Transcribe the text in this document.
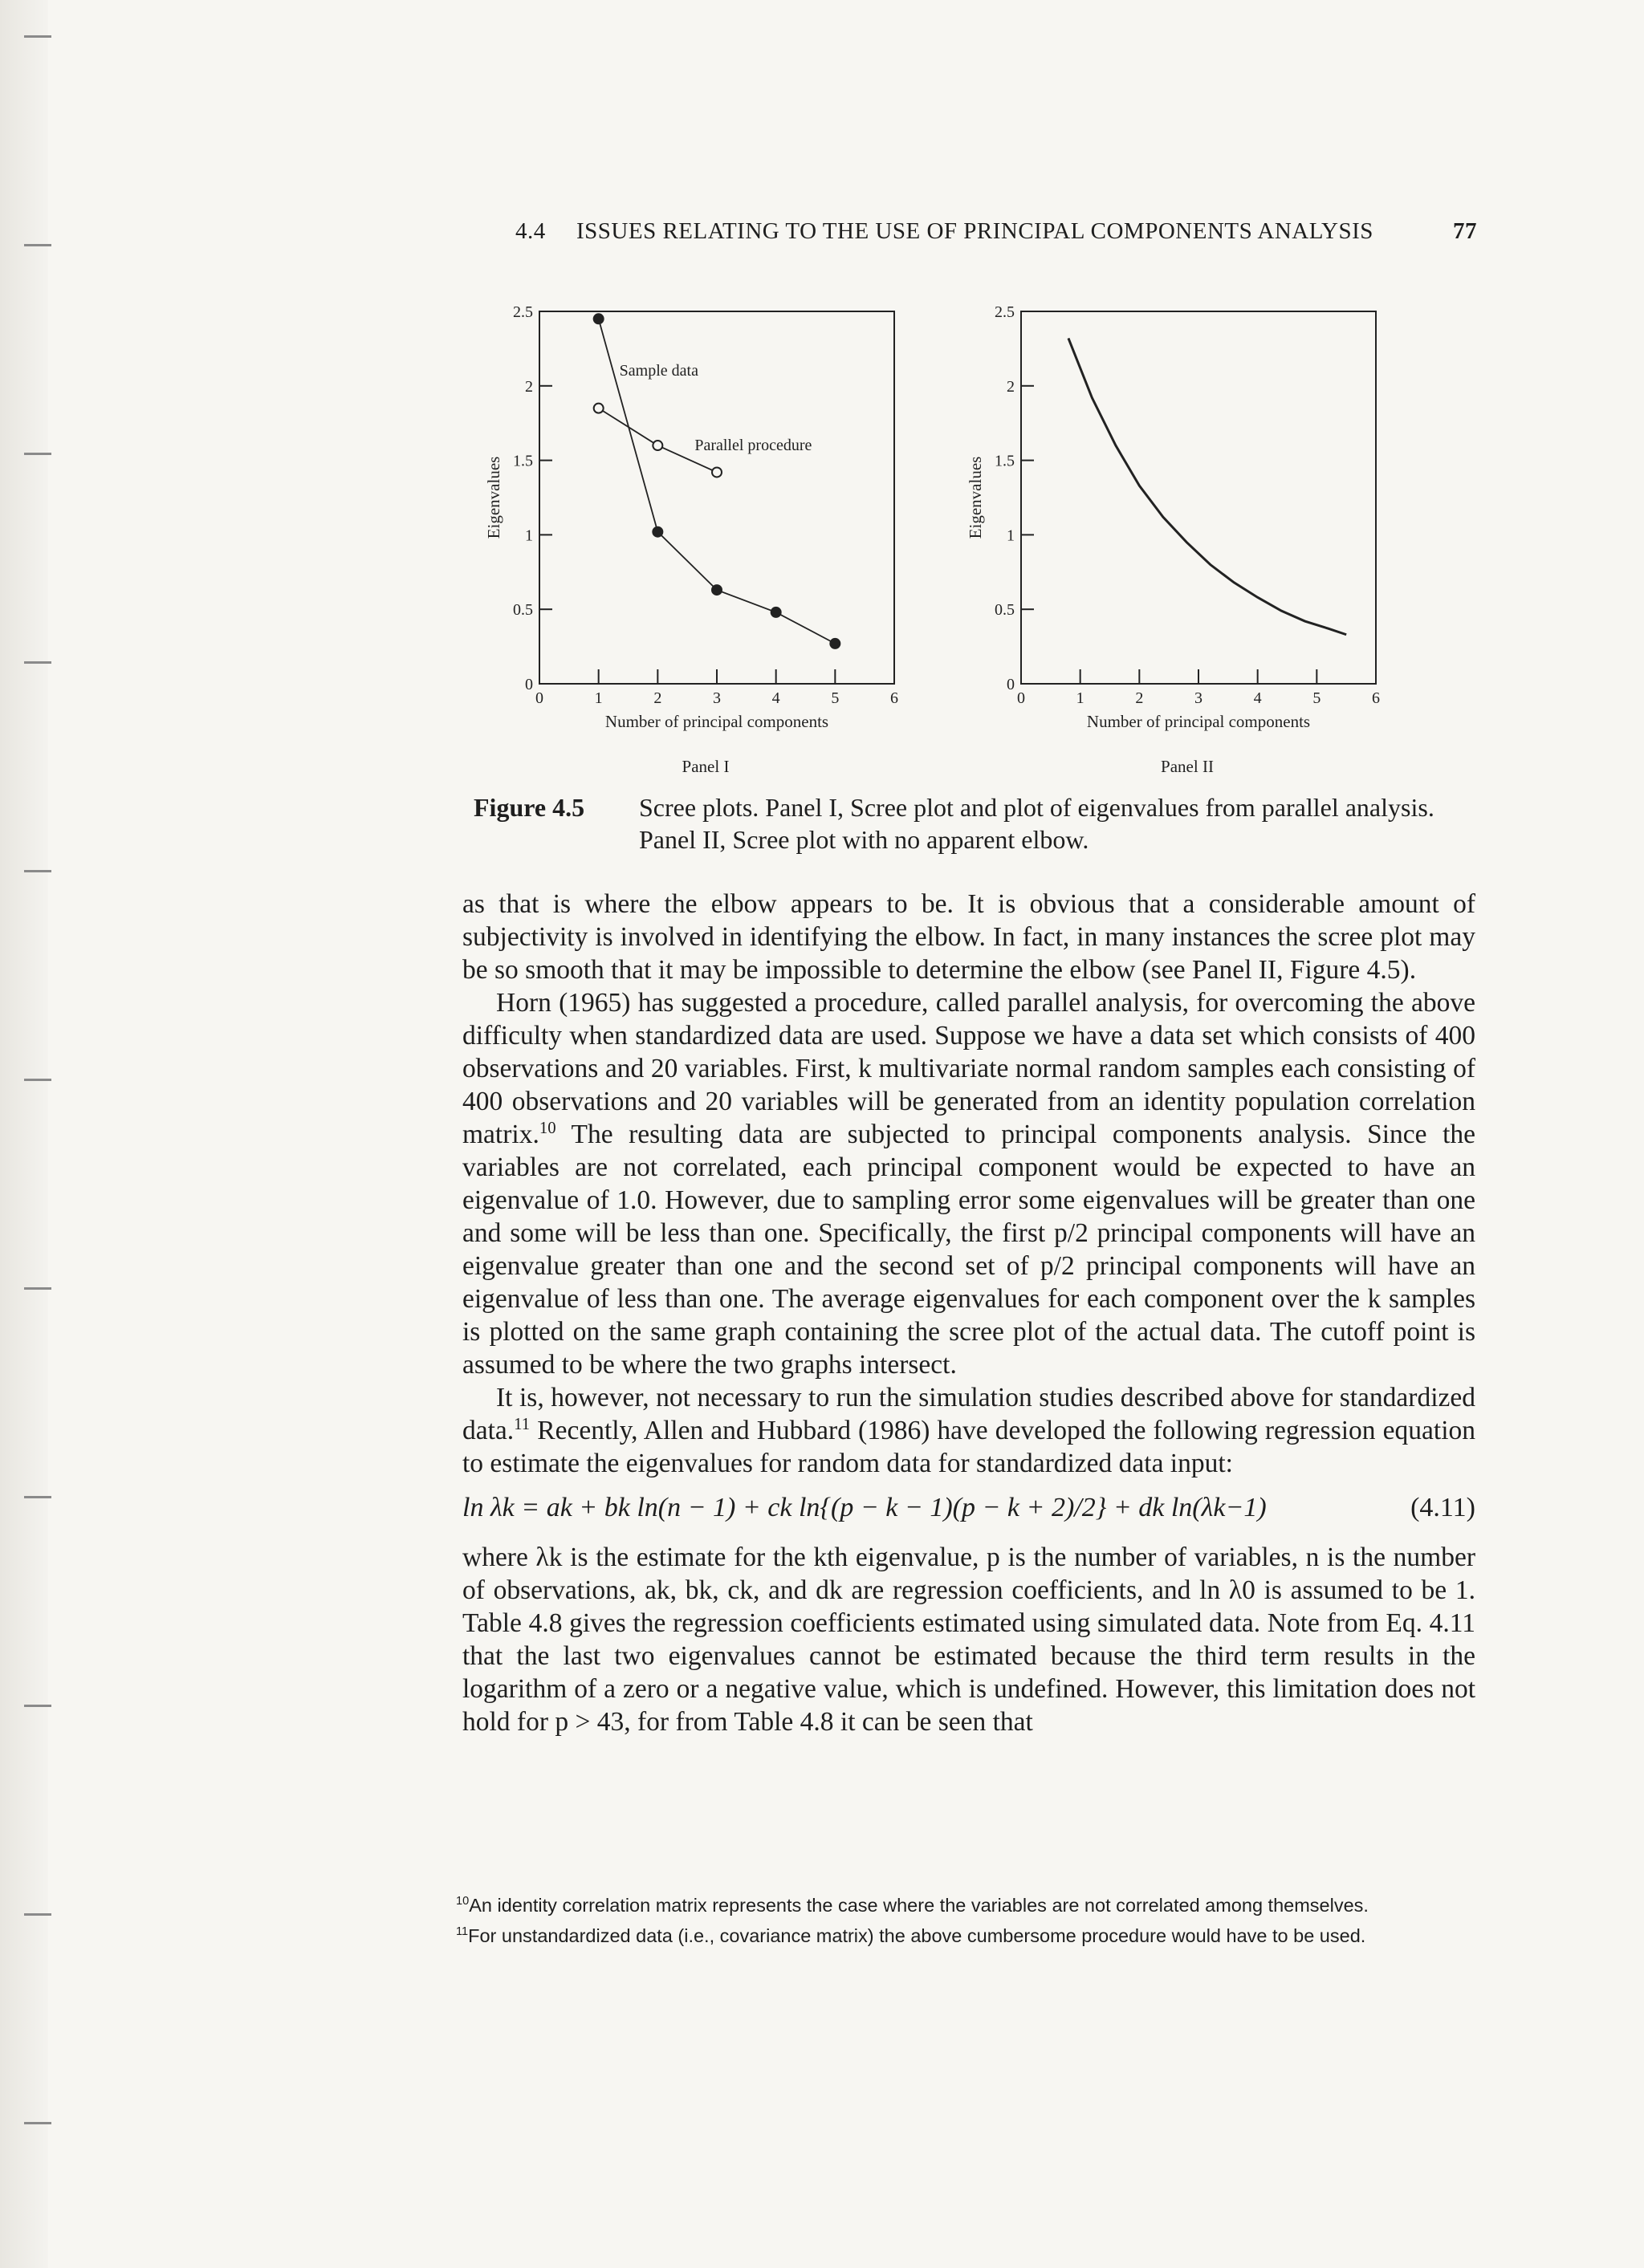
4.4 ISSUES RELATING TO THE USE OF PRINCIPAL COMPONENTS ANALYSIS	77
0
0.5
1
1.5
2
2.5
0	1	2	3	4	5	6
Number of principal components
Eigenvalues
Panel I
Sample data
Parallel procedure
0
0.5
1
1.5
2
2.5
0	1	2	3	4	5	6
Number of principal components
Eigenvalues
Panel II
Figure 4.5 Scree plots. Panel I, Scree plot and plot of eigenvalues from parallel analysis. Panel II, Scree plot with no apparent elbow.

as that is where the elbow appears to be. It is obvious that a considerable amount of subjectivity is involved in identifying the elbow. In fact, in many instances the scree plot may be so smooth that it may be impossible to determine the elbow (see Panel II, Figure 4.5).

Horn (1965) has suggested a procedure, called parallel analysis, for overcoming the above difficulty when standardized data are used. Suppose we have a data set which consists of 400 observations and 20 variables. First, k multivariate normal random samples each consisting of 400 observations and 20 variables will be generated from an identity population correlation matrix.$^{10}$ The resulting data are subjected to principal components analysis. Since the variables are not correlated, each principal component would be expected to have an eigenvalue of 1.0. However, due to sampling error some eigenvalues will be greater than one and some will be less than one. Specifically, the first p/2 principal components will have an eigenvalue greater than one and the second set of p/2 principal components will have an eigenvalue of less than one. The average eigenvalues for each component over the k samples is plotted on the same graph containing the scree plot of the actual data. The cutoff point is assumed to be where the two graphs intersect.

It is, however, not necessary to run the simulation studies described above for standardized data.$^{11}$ Recently, Allen and Hubbard (1986) have developed the following regression equation to estimate the eigenvalues for random data for standardized data input:

ln λk = ak + bk ln(n − 1) + ck ln{(p − k − 1)(p − k + 2)/2} + dk ln(λk−1)	(4.11)

where λk is the estimate for the kth eigenvalue, p is the number of variables, n is the number of observations, ak, bk, ck, and dk are regression coefficients, and ln λ0 is assumed to be 1. Table 4.8 gives the regression coefficients estimated using simulated data. Note from Eq. 4.11 that the last two eigenvalues cannot be estimated because the third term results in the logarithm of a zero or a negative value, which is undefined. However, this limitation does not hold for p > 43, for from Table 4.8 it can be seen that

$^{10}$An identity correlation matrix represents the case where the variables are not correlated among themselves.

$^{11}$For unstandardized data (i.e., covariance matrix) the above cumbersome procedure would have to be used.
